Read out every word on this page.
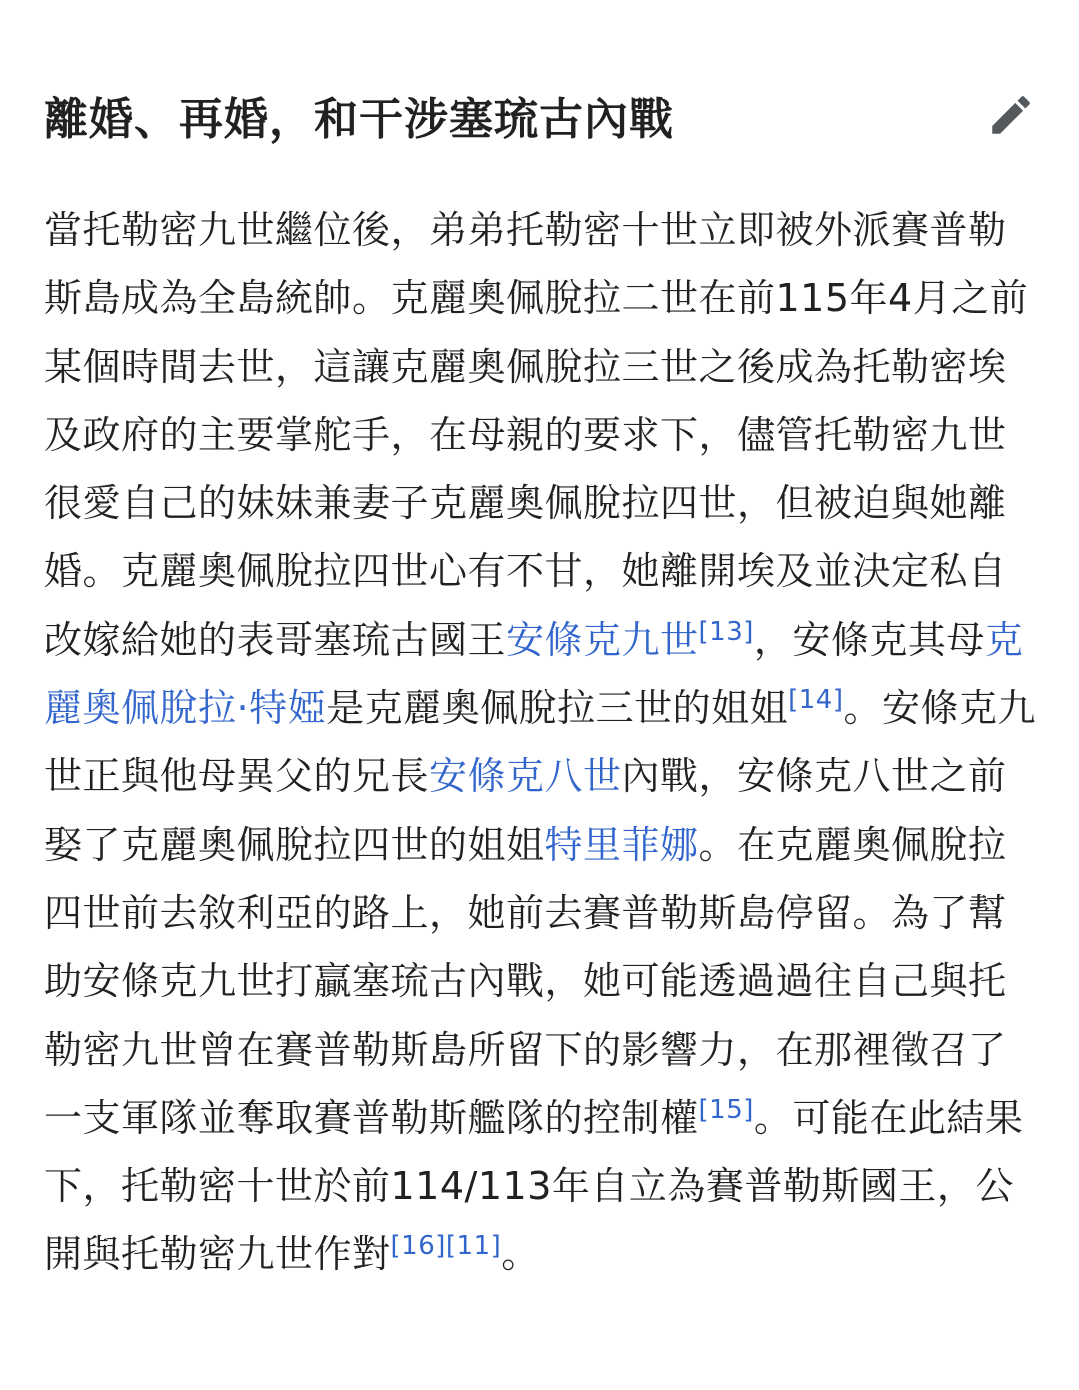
離婚、再婚，和干涉塞琉古內戰

當托勒密九世繼位後，弟弟托勒密十世立即被外派賽普勒斯島成為全島統帥。克麗奧佩脫拉二世在前115年4月之前某個時間去世，這讓克麗奧佩脫拉三世之後成為托勒密埃及政府的主要掌舵手，在母親的要求下，儘管托勒密九世很愛自己的妹妹兼妻子克麗奧佩脫拉四世，但被迫與她離婚。克麗奧佩脫拉四世心有不甘，她離開埃及並決定私自改嫁給她的表哥塞琉古國王安條克九世[13]，安條克其母克麗奧佩脫拉·特婭是克麗奧佩脫拉三世的姐姐[14]。安條克九世正與他母異父的兄長安條克八世內戰，安條克八世之前娶了克麗奧佩脫拉四世的姐姐特里菲娜。在克麗奧佩脫拉四世前去敘利亞的路上，她前去賽普勒斯島停留。為了幫助安條克九世打贏塞琉古內戰，她可能透過過往自己與托勒密九世曾在賽普勒斯島所留下的影響力，在那裡徵召了一支軍隊並奪取賽普勒斯艦隊的控制權[15]。可能在此結果下，托勒密十世於前114/113年自立為賽普勒斯國王，公開與托勒密九世作對[16][11]。
